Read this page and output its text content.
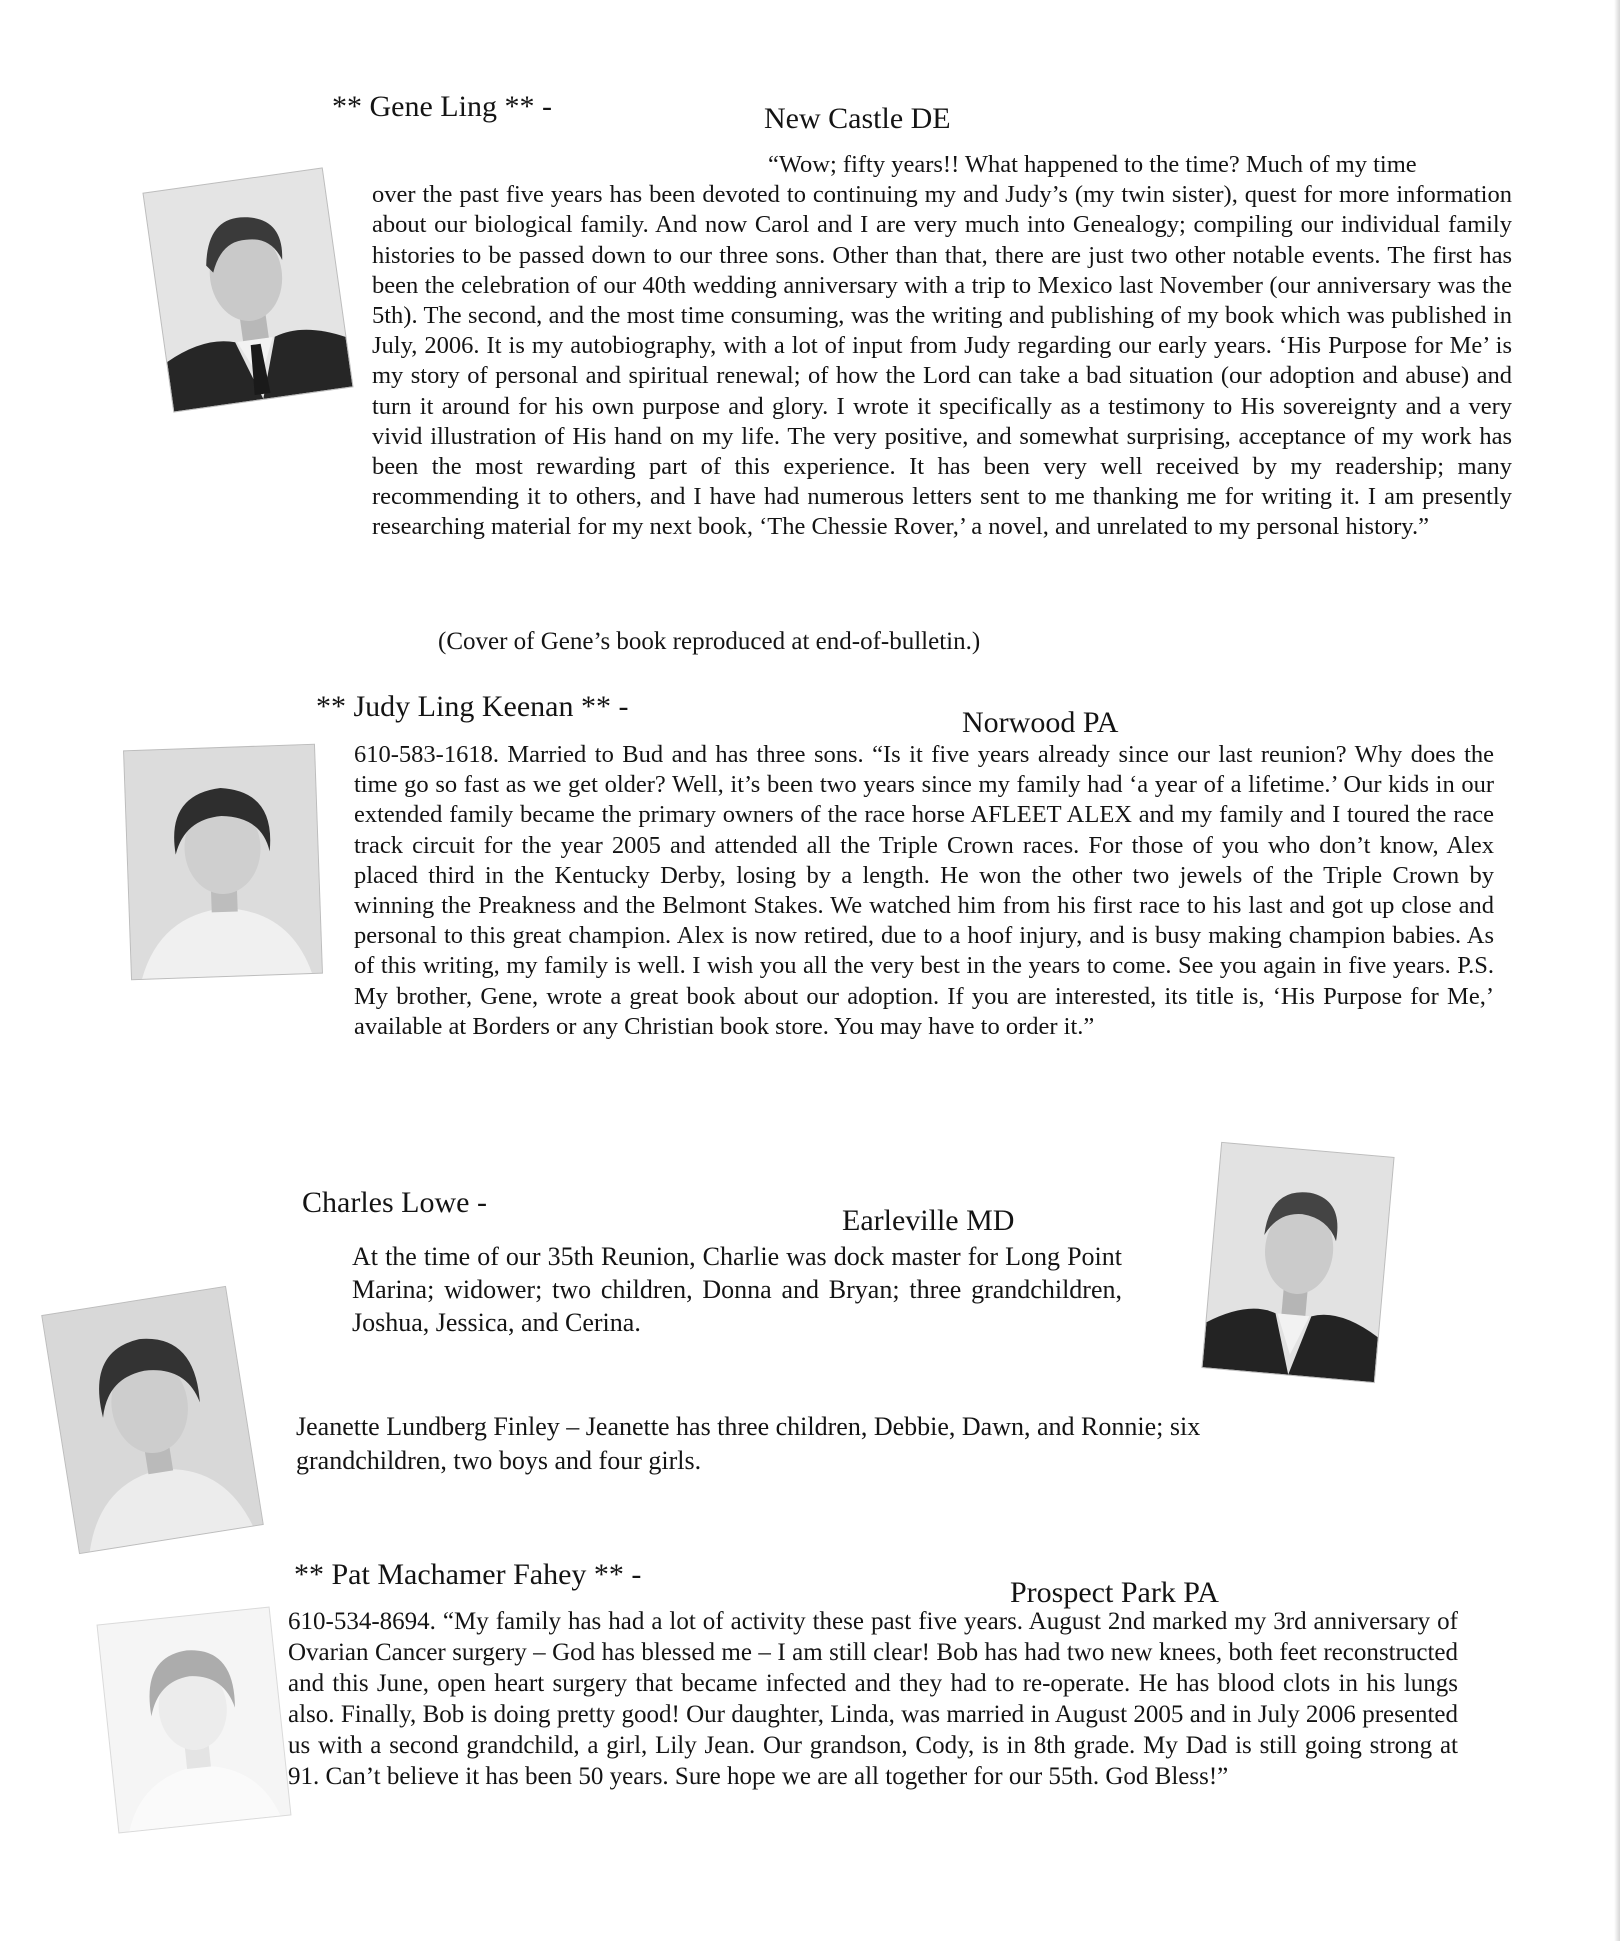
** Gene Ling ** -	New Castle DE

“Wow; fifty years!! What happened to the time? Much of my time

over the past five years has been devoted to continuing my and Judy’s (my twin sister), quest for more information about our biological family. And now Carol and I are very much into Genealogy; compiling our individual family histories to be passed down to our three sons. Other than that, there are just two other notable events. The first has been the celebration of our 40th wedding anniversary with a trip to Mexico last November (our anniversary was the 5th). The second, and the most time consuming, was the writing and publishing of my book which was published in July, 2006. It is my autobiography, with a lot of input from Judy regarding our early years. ‘His Purpose for Me’ is my story of personal and spiritual renewal; of how the Lord can take a bad situation (our adoption and abuse) and turn it around for his own purpose and glory. I wrote it specifically as a testimony to His sovereignty and a very vivid illustration of His hand on my life. The very positive, and somewhat surprising, acceptance of my work has been the most rewarding part of this experience. It has been very well received by my readership; many recommending it to others, and I have had numerous letters sent to me thanking me for writing it. I am presently researching material for my next book, ‘The Chessie Rover,’ a novel, and unrelated to my personal history.”

(Cover of Gene’s book reproduced at end-of-bulletin.)
** Judy Ling Keenan ** -	Norwood PA

610-583-1618. Married to Bud and has three sons. “Is it five years already since our last reunion? Why does the time go so fast as we get older? Well, it’s been two years since my family had ‘a year of a lifetime.’ Our kids in our extended family became the primary owners of the race horse AFLEET ALEX and my family and I toured the race track circuit for the year 2005 and attended all the Triple Crown races. For those of you who don’t know, Alex placed third in the Kentucky Derby, losing by a length. He won the other two jewels of the Triple Crown by winning the Preakness and the Belmont Stakes. We watched him from his first race to his last and got up close and personal to this great champion. Alex is now retired, due to a hoof injury, and is busy making champion babies. As of this writing, my family is well. I wish you all the very best in the years to come. See you again in five years. P.S. My brother, Gene, wrote a great book about our adoption. If you are interested, its title is, ‘His Purpose for Me,’ available at Borders or any Christian book store. You may have to order it.”

Charles Lowe -
Earleville MD

At the time of our 35th Reunion, Charlie was dock master for Long Point Marina; widower; two children, Donna and Bryan; three grandchildren, Joshua, Jessica, and Cerina.

Jeanette Lundberg Finley – Jeanette has three children, Debbie, Dawn, and Ronnie; six grandchildren, two boys and four girls.

** Pat Machamer Fahey ** -
Prospect Park PA

610-534-8694. “My family has had a lot of activity these past five years. August 2nd marked my 3rd anniversary of Ovarian Cancer surgery – God has blessed me – I am still clear! Bob has had two new knees, both feet reconstructed and this June, open heart surgery that became infected and they had to re-operate. He has blood clots in his lungs also. Finally, Bob is doing pretty good! Our daughter, Linda, was married in August 2005 and in July 2006 presented us with a second grandchild, a girl, Lily Jean. Our grandson, Cody, is in 8th grade. My Dad is still going strong at 91. Can’t believe it has been 50 years. Sure hope we are all together for our 55th. God Bless!”
